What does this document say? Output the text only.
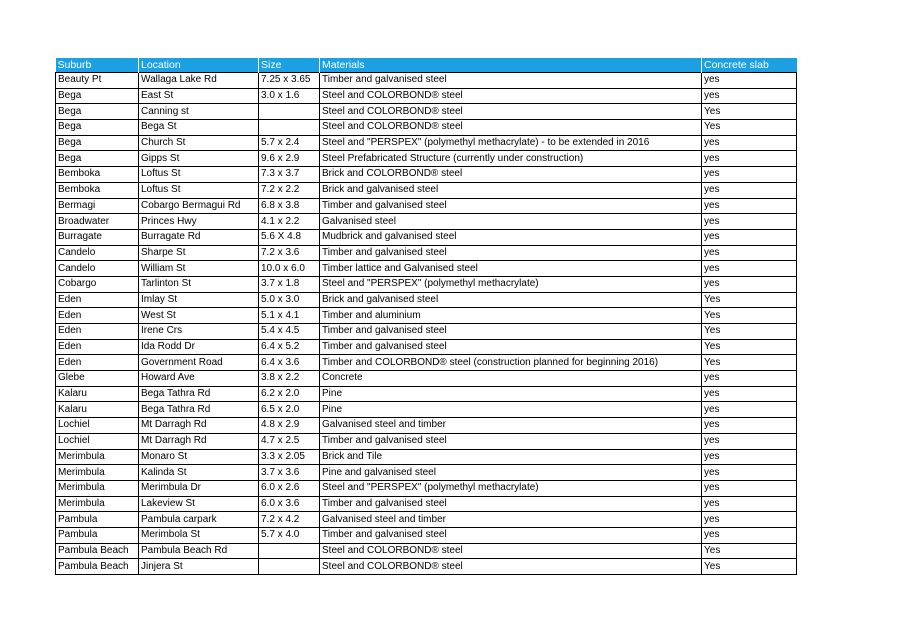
Suburb	Location	Size	Materials	Concrete slab
Beauty Pt	Wallaga Lake Rd	7.25 x 3.65	Timber and galvanised steel	yes
Bega	East St	3.0 x 1.6	Steel and COLORBOND® steel	yes
Bega	Canning st		Steel and COLORBOND® steel	Yes
Bega	Bega St		Steel and COLORBOND® steel	Yes
Bega	Church St	5.7 x 2.4	Steel and "PERSPEX" (polymethyl methacrylate) - to be extended in 2016	yes
Bega	Gipps St	9.6 x 2.9	Steel Prefabricated Structure (currently under construction)	yes
Bemboka	Loftus St	7.3 x 3.7	Brick and COLORBOND® steel	yes
Bemboka	Loftus St	7.2 x 2.2	Brick and galvanised steel	yes
Bermagi	Cobargo Bermagui Rd	6.8 x 3.8	Timber and galvanised steel	yes
Broadwater	Princes Hwy	4.1 x 2.2	Galvanised steel	yes
Burragate	Burragate Rd	5.6 X 4.8	Mudbrick and galvanised steel	yes
Candelo	Sharpe St	7.2 x 3.6	Timber and galvanised steel	yes
Candelo	William St	10.0 x 6.0	Timber lattice and Galvanised steel	yes
Cobargo	Tarlinton St	3.7 x 1.8	Steel and "PERSPEX" (polymethyl methacrylate)	yes
Eden	Imlay St	5.0 x 3.0	Brick and galvanised steel	Yes
Eden	West St	5.1 x 4.1	Timber and aluminium	Yes
Eden	Irene Crs	5.4 x 4.5	Timber and galvanised steel	Yes
Eden	Ida Rodd Dr	6.4 x 5.2	Timber and galvanised steel	Yes
Eden	Government Road	6.4 x 3.6	Timber and COLORBOND® steel (construction planned for beginning 2016)	Yes
Glebe	Howard Ave	3.8 x 2.2	Concrete	yes
Kalaru	Bega Tathra Rd	6.2 x 2.0	Pine	yes
Kalaru	Bega Tathra Rd	6.5 x 2.0	Pine	yes
Lochiel	Mt Darragh Rd	4.8 x 2.9	Galvanised steel and timber	yes
Lochiel	Mt Darragh Rd	4.7 x 2.5	Timber and galvanised steel	yes
Merimbula	Monaro St	3.3 x 2.05	Brick and Tile	yes
Merimbula	Kalinda St	3.7 x 3.6	Pine and galvanised steel	yes
Merimbula	Merimbula Dr	6.0 x 2.6	Steel and "PERSPEX" (polymethyl methacrylate)	yes
Merimbula	Lakeview St	6.0 x 3.6	Timber and galvanised steel	yes
Pambula	Pambula carpark	7.2 x 4.2	Galvanised steel and timber	yes
Pambula	Merimbola St	5.7 x 4.0	Timber and galvanised steel	yes
Pambula Beach	Pambula Beach Rd		Steel and COLORBOND® steel	Yes
Pambula Beach	Jinjera St		Steel and COLORBOND® steel	Yes
